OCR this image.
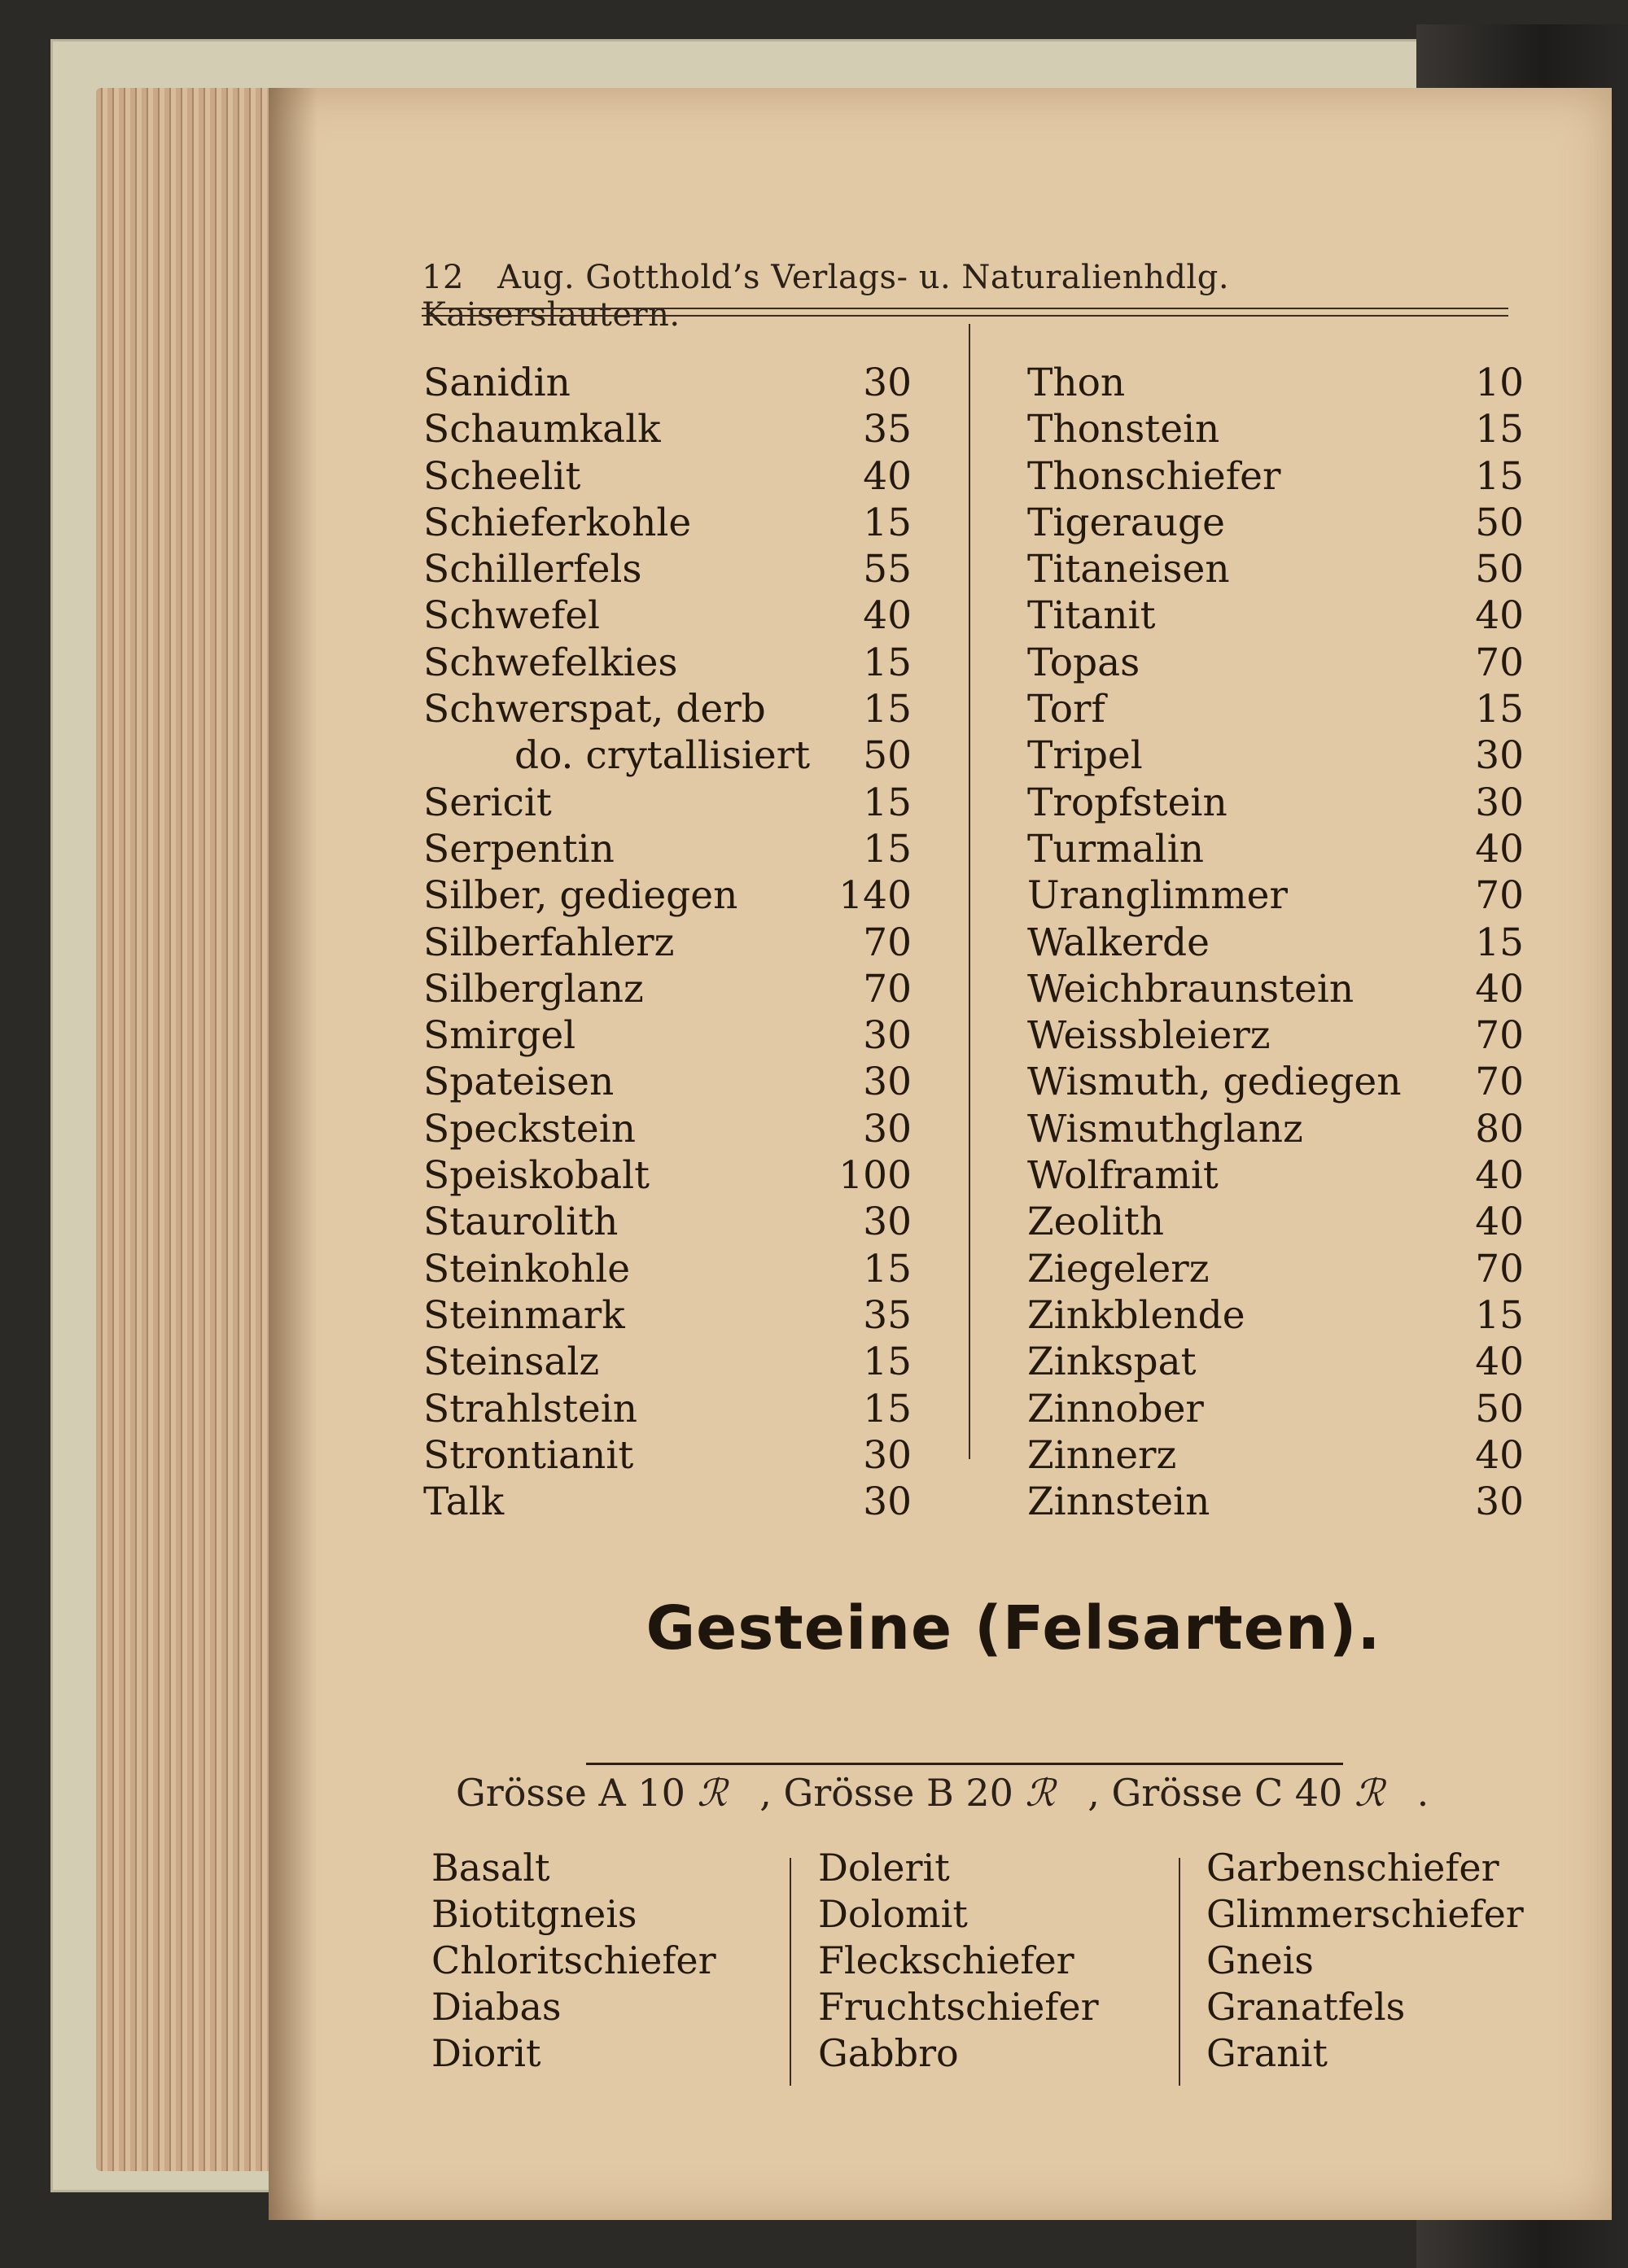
12 Aug. Gotthold’s Verlags- u. Naturalienhdlg. Kaiserslautern.
Sanidin	30
Schaumkalk	35
Scheelit	40
Schieferkohle	15
Schillerfels	55
Schwefel	40
Schwefelkies	15
Schwerspat, derb	15
do. crytallisiert	50
Sericit	15
Serpentin	15
Silber, gediegen	140
Silberfahlerz	70
Silberglanz	70
Smirgel	30
Spateisen	30
Speckstein	30
Speiskobalt	100
Staurolith	30
Steinkohle	15
Steinmark	35
Steinsalz	15
Strahlstein	15
Strontianit	30
Talk	30
Thon	10
Thonstein	15
Thonschiefer	15
Tigerauge	50
Titaneisen	50
Titanit	40
Topas	70
Torf	15
Tripel	30
Tropfstein	30
Turmalin	40
Uranglimmer	70
Walkerde	15
Weichbraunstein	40
Weissbleierz	70
Wismuth, gediegen	70
Wismuthglanz	80
Wolframit	40
Zeolith	40
Ziegelerz	70
Zinkblende	15
Zinkspat	40
Zinnober	50
Zinnerz	40
Zinnstein	30
Gesteine (Felsarten).
Grösse A 10 ℛ , Grösse B 20 ℛ , Grösse C 40 ℛ .
Basalt
Biotitgneis
Chloritschiefer
Diabas
Diorit
Dolerit
Dolomit
Fleckschiefer
Fruchtschiefer
Gabbro
Garbenschiefer
Glimmerschiefer
Gneis
Granatfels
Granit
